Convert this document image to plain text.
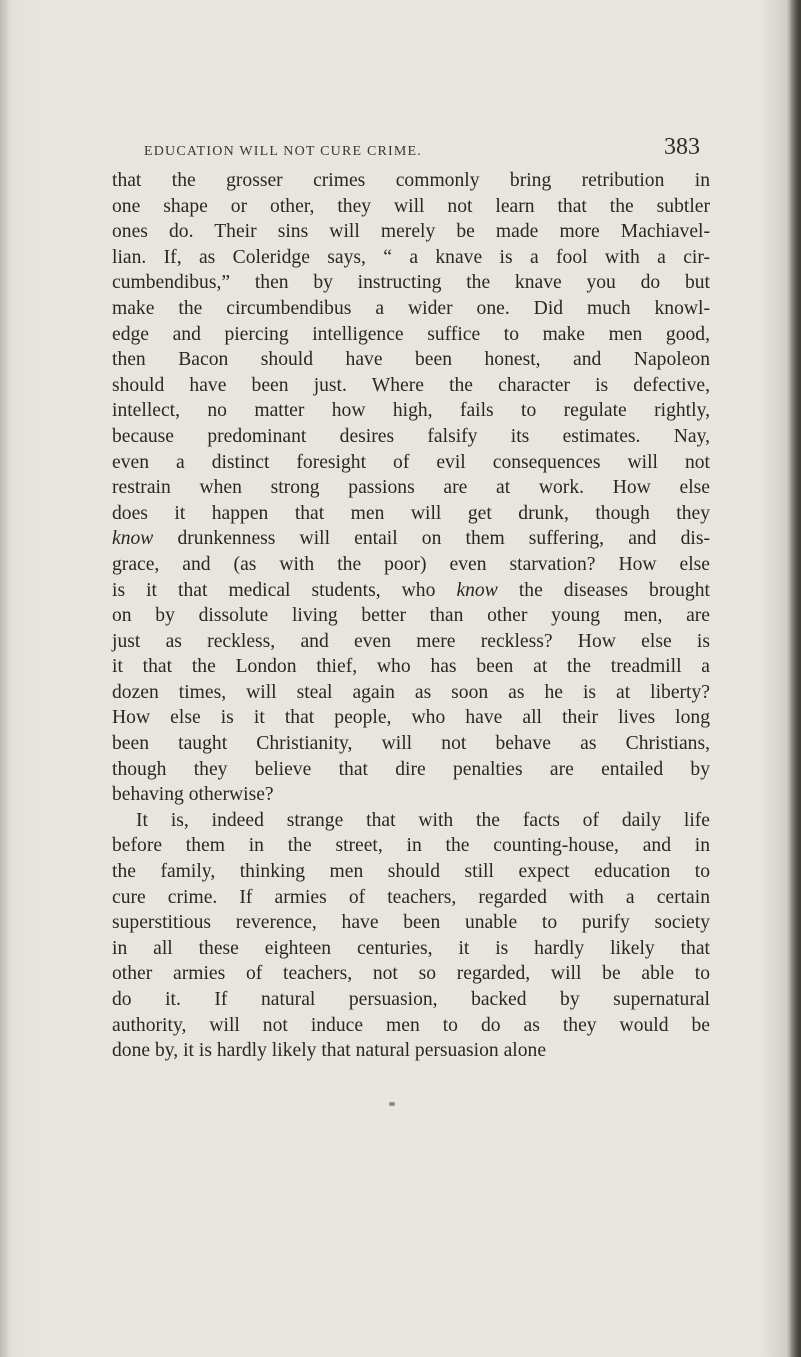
EDUCATION WILL NOT CURE CRIME.	383
that the grosser crimes commonly bring retribution in
one shape or other, they will not learn that the subtler
ones do. Their sins will merely be made more Machiavel-
lian. If, as Coleridge says, “ a knave is a fool with a cir-
cumbendibus,” then by instructing the knave you do but
make the circumbendibus a wider one. Did much knowl-
edge and piercing intelligence suffice to make men good,
then Bacon should have been honest, and Napoleon
should have been just. Where the character is defective,
intellect, no matter how high, fails to regulate rightly,
because predominant desires falsify its estimates. Nay,
even a distinct foresight of evil consequences will not
restrain when strong passions are at work. How else
does it happen that men will get drunk, though they
know drunkenness will entail on them suffering, and dis-
grace, and (as with the poor) even starvation? How else
is it that medical students, who know the diseases brought
on by dissolute living better than other young men, are
just as reckless, and even mere reckless? How else is
it that the London thief, who has been at the treadmill a
dozen times, will steal again as soon as he is at liberty?
How else is it that people, who have all their lives long
been taught Christianity, will not behave as Christians,
though they believe that dire penalties are entailed by
behaving otherwise?
It is, indeed strange that with the facts of daily life
before them in the street, in the counting-house, and in
the family, thinking men should still expect education to
cure crime. If armies of teachers, regarded with a certain
superstitious reverence, have been unable to purify society
in all these eighteen centuries, it is hardly likely that
other armies of teachers, not so regarded, will be able to
do it. If natural persuasion, backed by supernatural
authority, will not induce men to do as they would be
done by, it is hardly likely that natural persuasion alone
